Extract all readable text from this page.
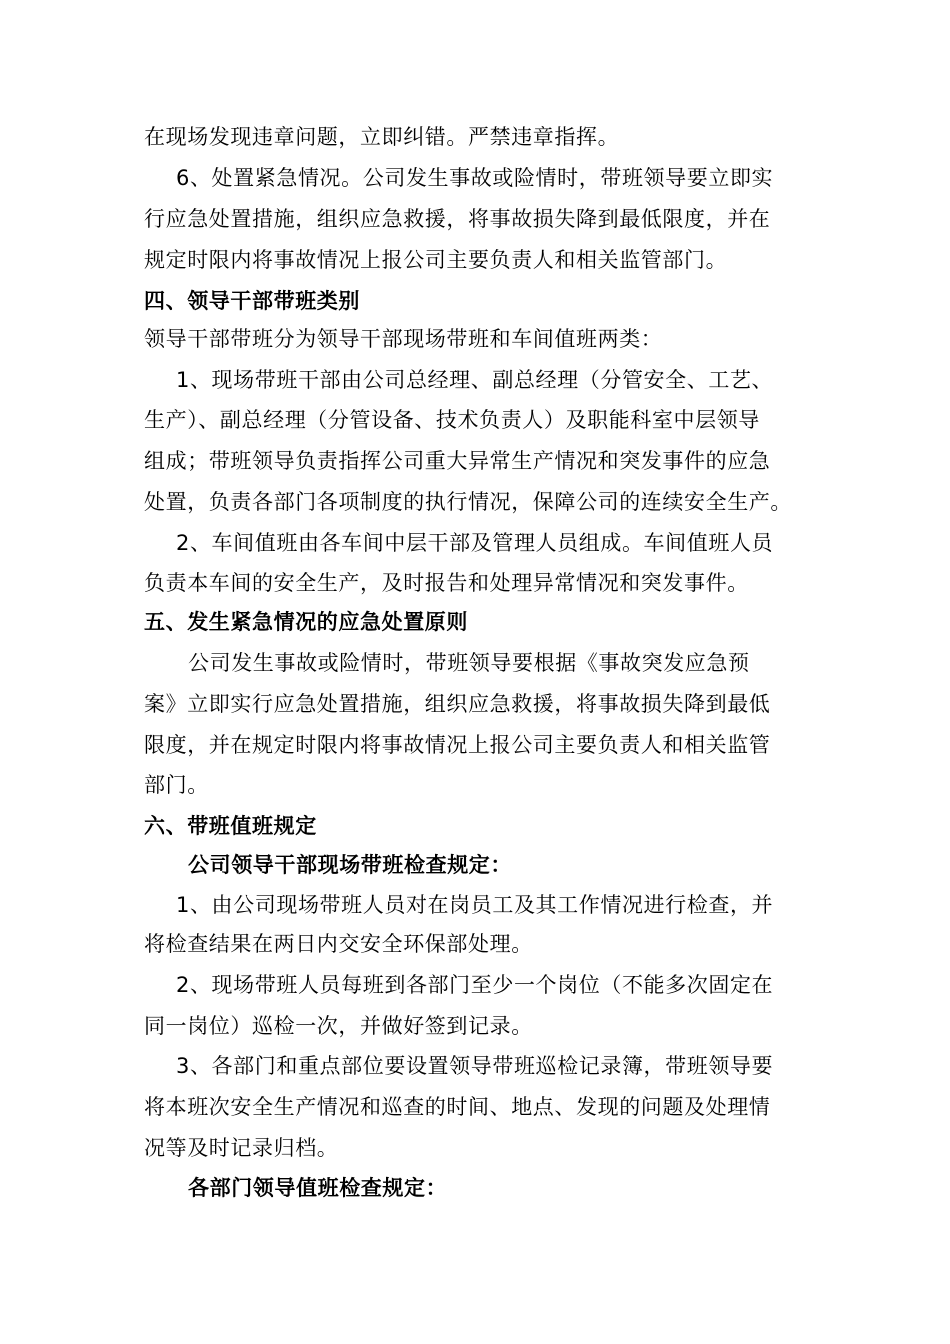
在现场发现违章问题，立即纠错。严禁违章指挥。
6、处置紧急情况。公司发生事故或险情时，带班领导要立即实
行应急处置措施，组织应急救援，将事故损失降到最低限度，并在
规定时限内将事故情况上报公司主要负责人和相关监管部门。
四、领导干部带班类别
领导干部带班分为领导干部现场带班和车间值班两类：
1、现场带班干部由公司总经理、副总经理（分管安全、工艺、
生产）、副总经理（分管设备、技术负责人）及职能科室中层领导
组成；带班领导负责指挥公司重大异常生产情况和突发事件的应急
处置，负责各部门各项制度的执行情况，保障公司的连续安全生产。
2、车间值班由各车间中层干部及管理人员组成。车间值班人员
负责本车间的安全生产，及时报告和处理异常情况和突发事件。
五、发生紧急情况的应急处置原则
公司发生事故或险情时，带班领导要根据《事故突发应急预
案》立即实行应急处置措施，组织应急救援，将事故损失降到最低
限度，并在规定时限内将事故情况上报公司主要负责人和相关监管
部门。
六、带班值班规定
公司领导干部现场带班检查规定：
1、由公司现场带班人员对在岗员工及其工作情况进行检查，并
将检查结果在两日内交安全环保部处理。
2、现场带班人员每班到各部门至少一个岗位（不能多次固定在
同一岗位）巡检一次，并做好签到记录。
3、各部门和重点部位要设置领导带班巡检记录簿，带班领导要
将本班次安全生产情况和巡查的时间、地点、发现的问题及处理情
况等及时记录归档。
各部门领导值班检查规定：
